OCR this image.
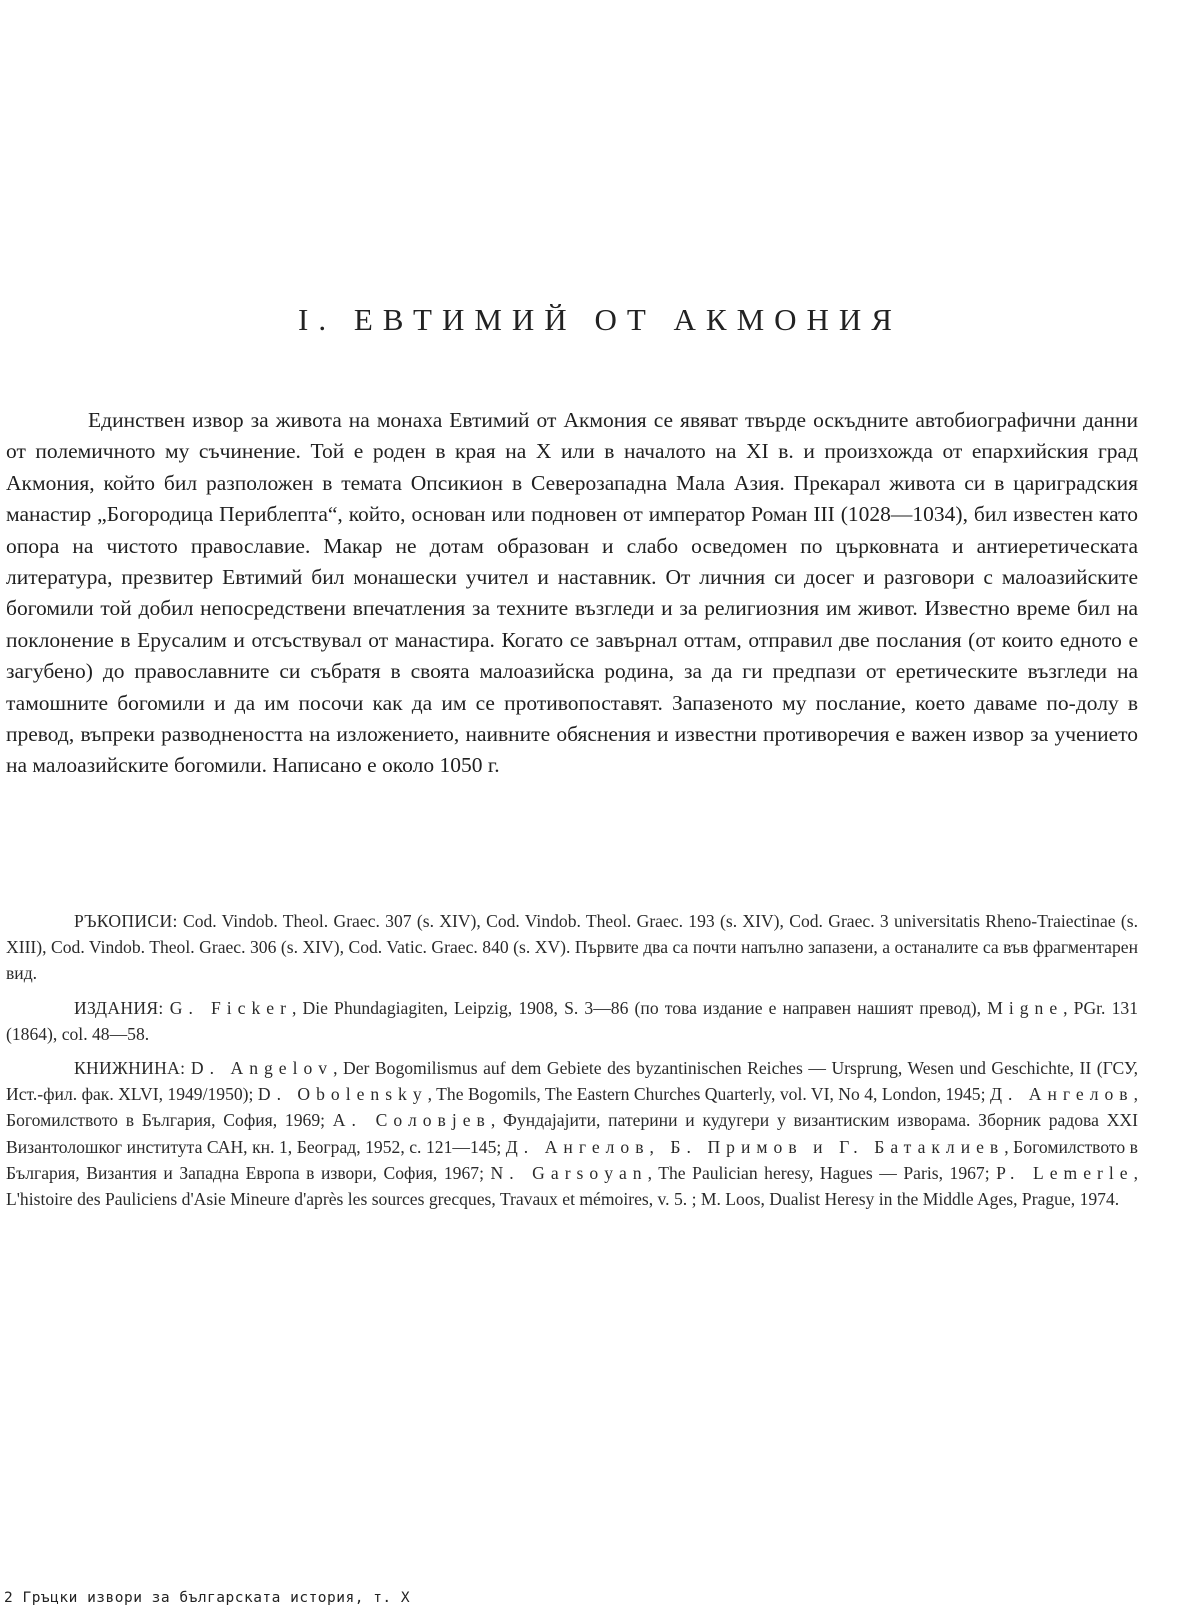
I. ЕВТИМИЙ ОТ АКМОНИЯ

Единствен извор за живота на монаха Евтимий от Акмония се явяват твърде оскъдните автобиографични данни от полемичното му съчинение. Той е роден в края на X или в началото на XI в. и произхожда от епархийския град Акмония, който бил разположен в темата Опсикион в Северозападна Мала Азия. Прекарал живота си в цариградския манастир „Богородица Периблепта“, който, основан или подновен от император Роман III (1028—1034), бил известен като опора на чистото православие. Макар не дотам образован и слабо осведомен по църковната и антиеретическата литература, презвитер Евтимий бил монашески учител и наставник. От личния си досег и разговори с малоазийските богомили той добил непосредствени впечатления за техните възгледи и за религиозния им живот. Известно време бил на поклонение в Ерусалим и отсъствувал от манастира. Когато се завърнал оттам, отправил две послания (от които едното е загубено) до православните си събратя в своята малоазийска родина, за да ги предпази от еретическите възгледи на тамошните богомили и да им посочи как да им се противопоставят. Запазеното му послание, което даваме по-долу в превод, въпреки разводнеността на изложението, наивните обяснения и известни противоречия е важен извор за учението на малоазийските богомили. Написано е около 1050 г.

РЪКОПИСИ: Cod. Vindob. Theol. Graec. 307 (s. XIV), Cod. Vindob. Theol. Graec. 193 (s. XIV), Cod. Graec. 3 universitatis Rheno-Traiectinae (s. XIII), Cod. Vindob. Theol. Graec. 306 (s. XIV), Cod. Vatic. Graec. 840 (s. XV). Първите два са почти напълно запазени, а останалите са във фрагментарен вид.

ИЗДАНИЯ: G. Ficker, Die Phundagiagiten, Leipzig, 1908, S. 3—86 (по това издание е направен нашият превод), Migne, PGr. 131 (1864), col. 48—58.

КНИЖНИНА: D. Angelov, Der Bogomilismus auf dem Gebiete des byzantinischen Reiches — Ursprung, Wesen und Geschichte, II (ГСУ, Ист.-фил. фак. XLVI, 1949/1950); D. Obolensky, The Bogomils, The Eastern Churches Quarterly, vol. VI, No 4, London, 1945; Д. Ангелов, Богомилството в България, София, 1969; А. Соловјев, Фундајајити, патерини и кудугери у византиским изворама. Зборник радова XXI Византолошког института САН, кн. 1, Београд, 1952, с. 121—145; Д. Ангелов, Б. Примов и Г. Батаклиев, Богомилството в България, Византия и Западна Европа в извори, София, 1967; N. Garsoyan, The Paulician heresy, Hagues — Paris, 1967; P. Lemerle, L'histoire des Pauliciens d'Asie Mineure d'après les sources grecques, Travaux et mémoires, v. 5. ; M. Loos, Dualist Heresy in the Middle Ages, Prague, 1974.

2 Гръцки извори за българската история, т. X
